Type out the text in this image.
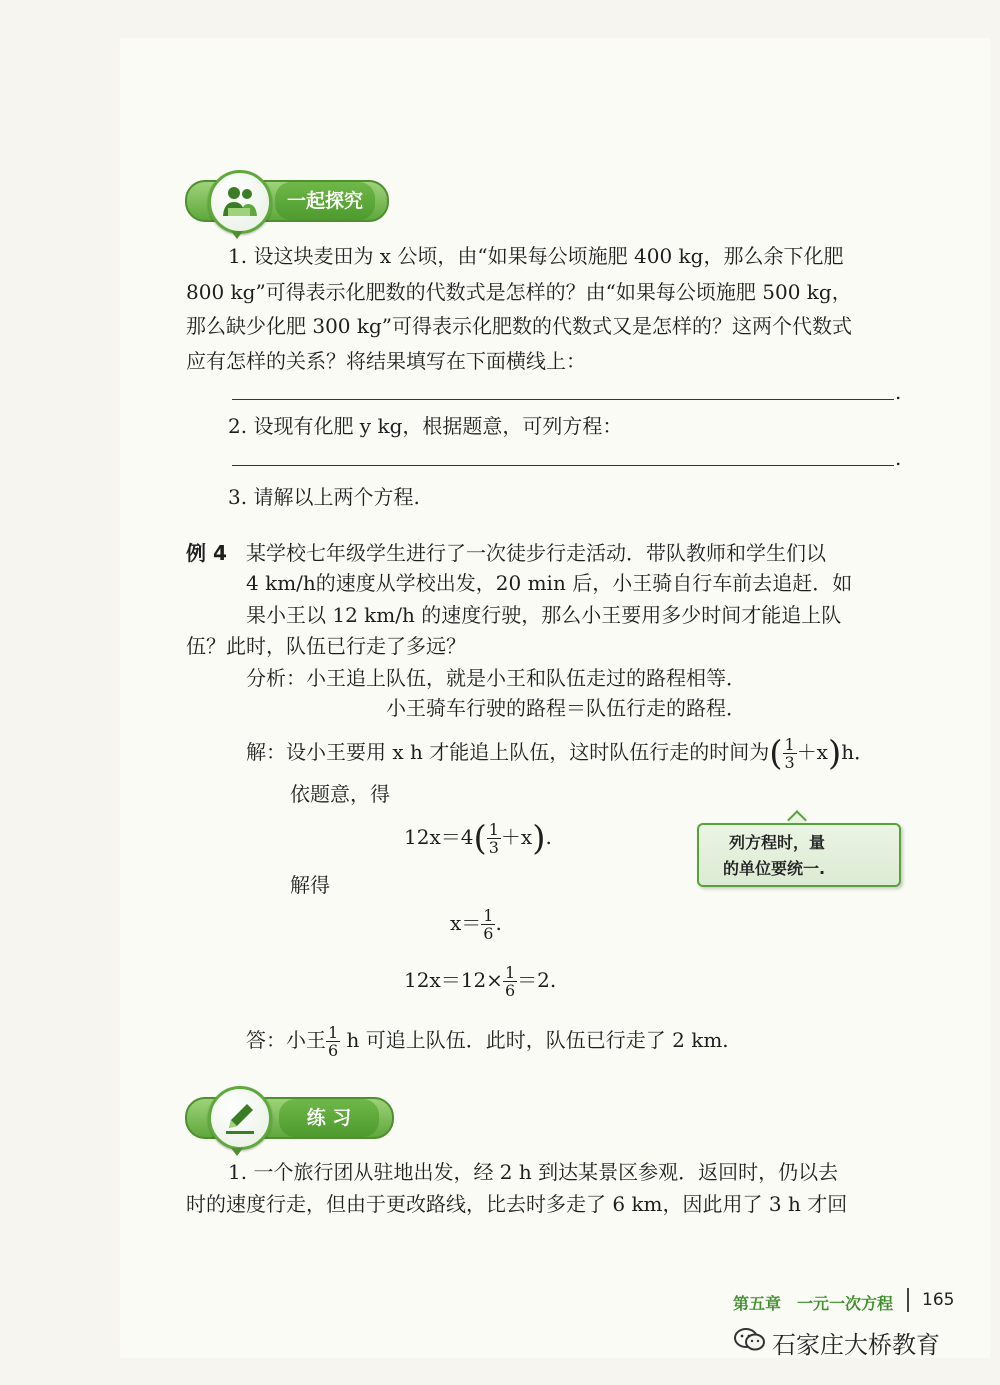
一起探究
1. 设这块麦田为 x 公顷，由“如果每公顷施肥 400 kg，那么余下化肥
800 kg”可得表示化肥数的代数式是怎样的？由“如果每公顷施肥 500 kg，
那么缺少化肥 300 kg”可得表示化肥数的代数式又是怎样的？这两个代数式
应有怎样的关系？将结果填写在下面横线上：
.
2. 设现有化肥 y kg，根据题意，可列方程：
.
3. 请解以上两个方程.
例 4 某学校七年级学生进行了一次徒步行走活动．带队教师和学生们以
4 km/h的速度从学校出发，20 min 后，小王骑自行车前去追赶．如
果小王以 12 km/h 的速度行驶，那么小王要用多少时间才能追上队
伍？此时，队伍已行走了多远？
分析：小王追上队伍，就是小王和队伍走过的路程相等．
小王骑车行驶的路程＝队伍行走的路程．
解：设小王要用 x h 才能追上队伍，这时队伍行走的时间为( $\frac{1}{3} +x)h$．
依题意，得
$12x=4( \frac{1}{3} +x)$.
解得
$x= \frac{1}{6}$ .
$12x=12\times \frac{1}{6} =2$.
答：小王 $\frac{1}{6}$ h 可追上队伍．此时，队伍已行走了 2 km.
列方程时，量
的单位要统一.
练 习
1. 一个旅行团从驻地出发，经 2 h 到达某景区参观．返回时，仍以去
时的速度行走，但由于更改路线，比去时多走了 6 km，因此用了 3 h 才回
第五章　一元一次方程 165
石家庄大桥教育
